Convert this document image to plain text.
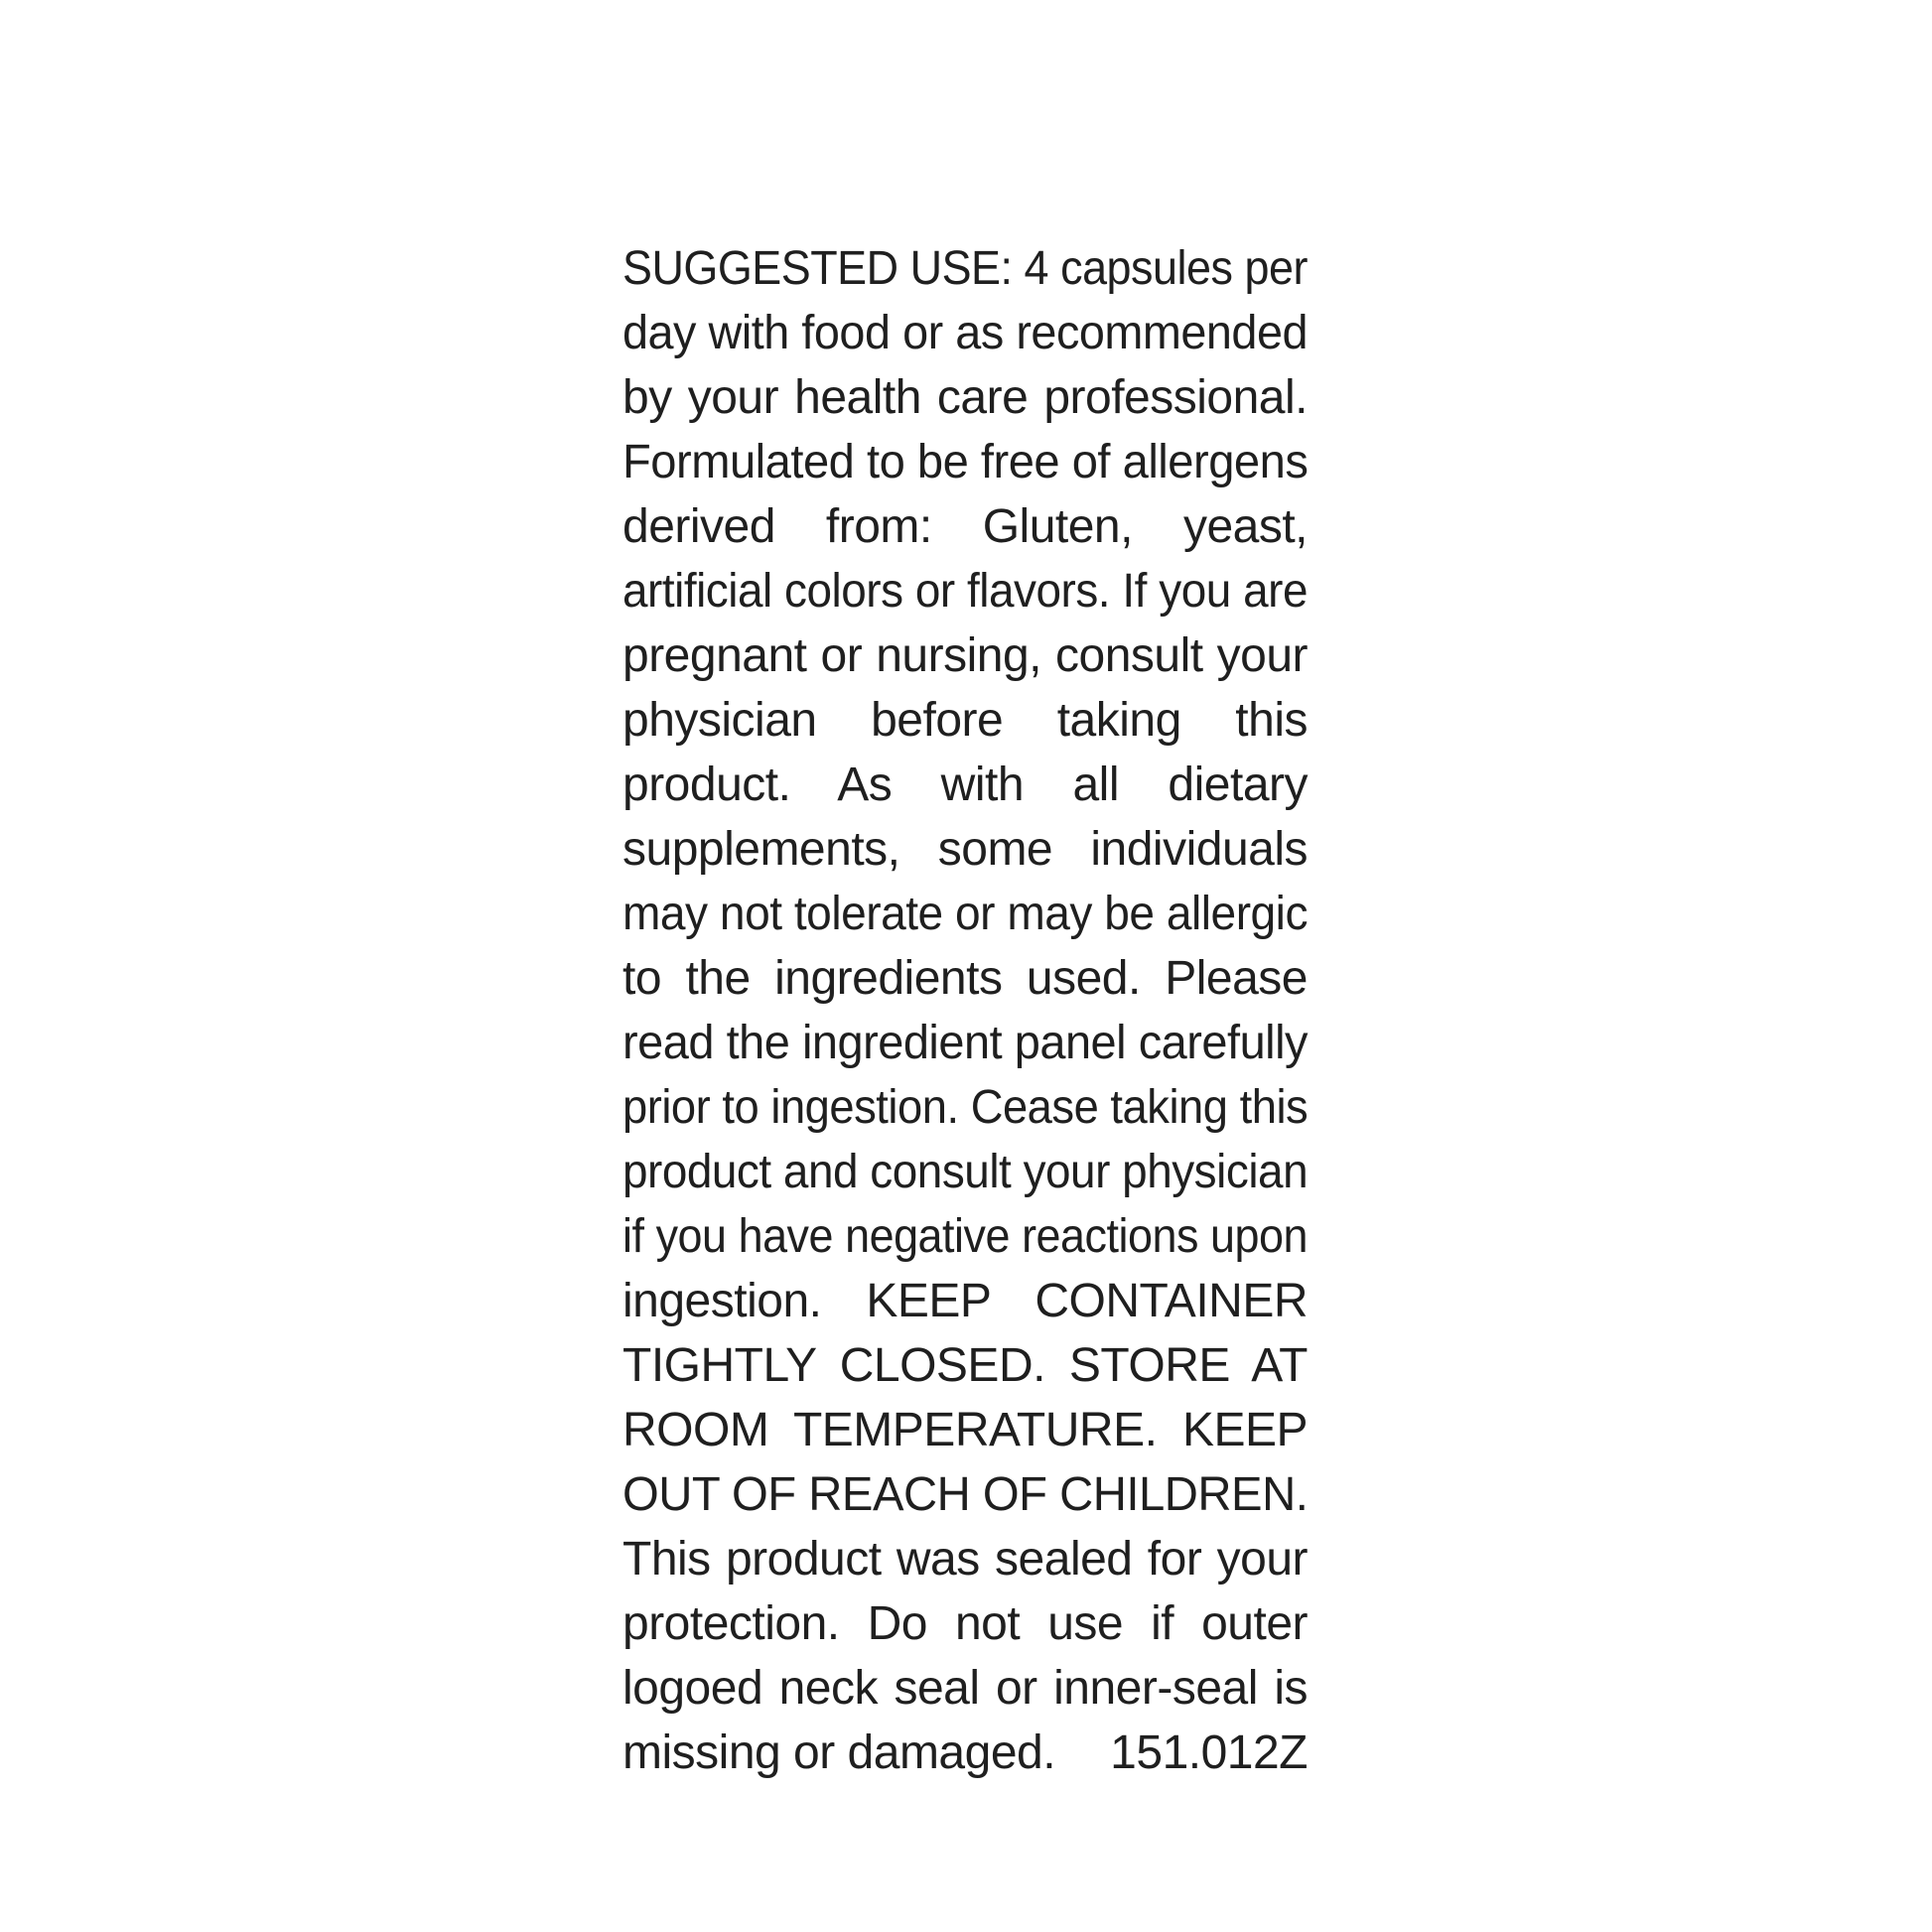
SUGGESTED USE: 4 capsules per
day with food or as recommended
by your health care professional.
Formulated to be free of allergens
derived from: Gluten, yeast,
artificial colors or flavors. If you are
pregnant or nursing, consult your
physician before taking this
product. As with all dietary
supplements, some individuals
may not tolerate or may be allergic
to the ingredients used. Please
read the ingredient panel carefully
prior to ingestion. Cease taking this
product and consult your physician
if you have negative reactions upon
ingestion. KEEP CONTAINER
TIGHTLY CLOSED. STORE AT
ROOM TEMPERATURE. KEEP
OUT OF REACH OF CHILDREN.
This product was sealed for your
protection. Do not use if outer
logoed neck seal or inner-seal is
missing or damaged. 151.012Z
